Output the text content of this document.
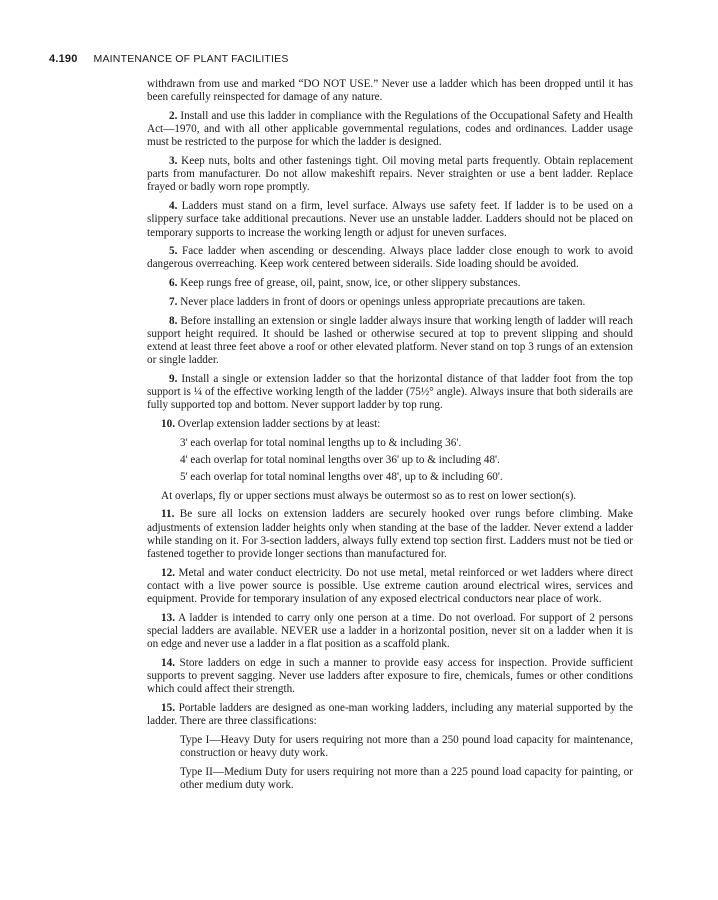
4.190 MAINTENANCE OF PLANT FACILITIES

withdrawn from use and marked “DO NOT USE.” Never use a ladder which has been dropped until it has been carefully reinspected for damage of any nature.

2. Install and use this ladder in compliance with the Regulations of the Occupational Safety and Health Act—1970, and with all other applicable governmental regulations, codes and ordinances. Ladder usage must be restricted to the purpose for which the ladder is designed.

3. Keep nuts, bolts and other fastenings tight. Oil moving metal parts frequently. Obtain replacement parts from manufacturer. Do not allow makeshift repairs. Never straighten or use a bent ladder. Replace frayed or badly worn rope promptly.

4. Ladders must stand on a firm, level surface. Always use safety feet. If ladder is to be used on a slippery surface take additional precautions. Never use an unstable ladder. Ladders should not be placed on temporary supports to increase the working length or adjust for uneven surfaces.

5. Face ladder when ascending or descending. Always place ladder close enough to work to avoid dangerous overreaching. Keep work centered between siderails. Side loading should be avoided.

6. Keep rungs free of grease, oil, paint, snow, ice, or other slippery substances.

7. Never place ladders in front of doors or openings unless appropriate precautions are taken.

8. Before installing an extension or single ladder always insure that working length of ladder will reach support height required. It should be lashed or otherwise secured at top to prevent slipping and should extend at least three feet above a roof or other elevated platform. Never stand on top 3 rungs of an extension or single ladder.

9. Install a single or extension ladder so that the horizontal distance of that ladder foot from the top support is ¼ of the effective working length of the ladder (75½° angle). Always insure that both siderails are fully supported top and bottom. Never support ladder by top rung.

10. Overlap extension ladder sections by at least:

3' each overlap for total nominal lengths up to & including 36'.

4' each overlap for total nominal lengths over 36' up to & including 48'.

5' each overlap for total nominal lengths over 48', up to & including 60'.

At overlaps, fly or upper sections must always be outermost so as to rest on lower section(s).

11. Be sure all locks on extension ladders are securely hooked over rungs before climbing. Make adjustments of extension ladder heights only when standing at the base of the ladder. Never extend a ladder while standing on it. For 3-section ladders, always fully extend top section first. Ladders must not be tied or fastened together to provide longer sections than manufactured for.

12. Metal and water conduct electricity. Do not use metal, metal reinforced or wet ladders where direct contact with a live power source is possible. Use extreme caution around electrical wires, services and equipment. Provide for temporary insulation of any exposed electrical conductors near place of work.

13. A ladder is intended to carry only one person at a time. Do not overload. For support of 2 persons special ladders are available. NEVER use a ladder in a horizontal position, never sit on a ladder when it is on edge and never use a ladder in a flat position as a scaffold plank.

14. Store ladders on edge in such a manner to provide easy access for inspection. Provide sufficient supports to prevent sagging. Never use ladders after exposure to fire, chemicals, fumes or other conditions which could affect their strength.

15. Portable ladders are designed as one-man working ladders, including any material supported by the ladder. There are three classifications:

Type I—Heavy Duty for users requiring not more than a 250 pound load capacity for maintenance, construction or heavy duty work.

Type II—Medium Duty for users requiring not more than a 225 pound load capacity for painting, or other medium duty work.
